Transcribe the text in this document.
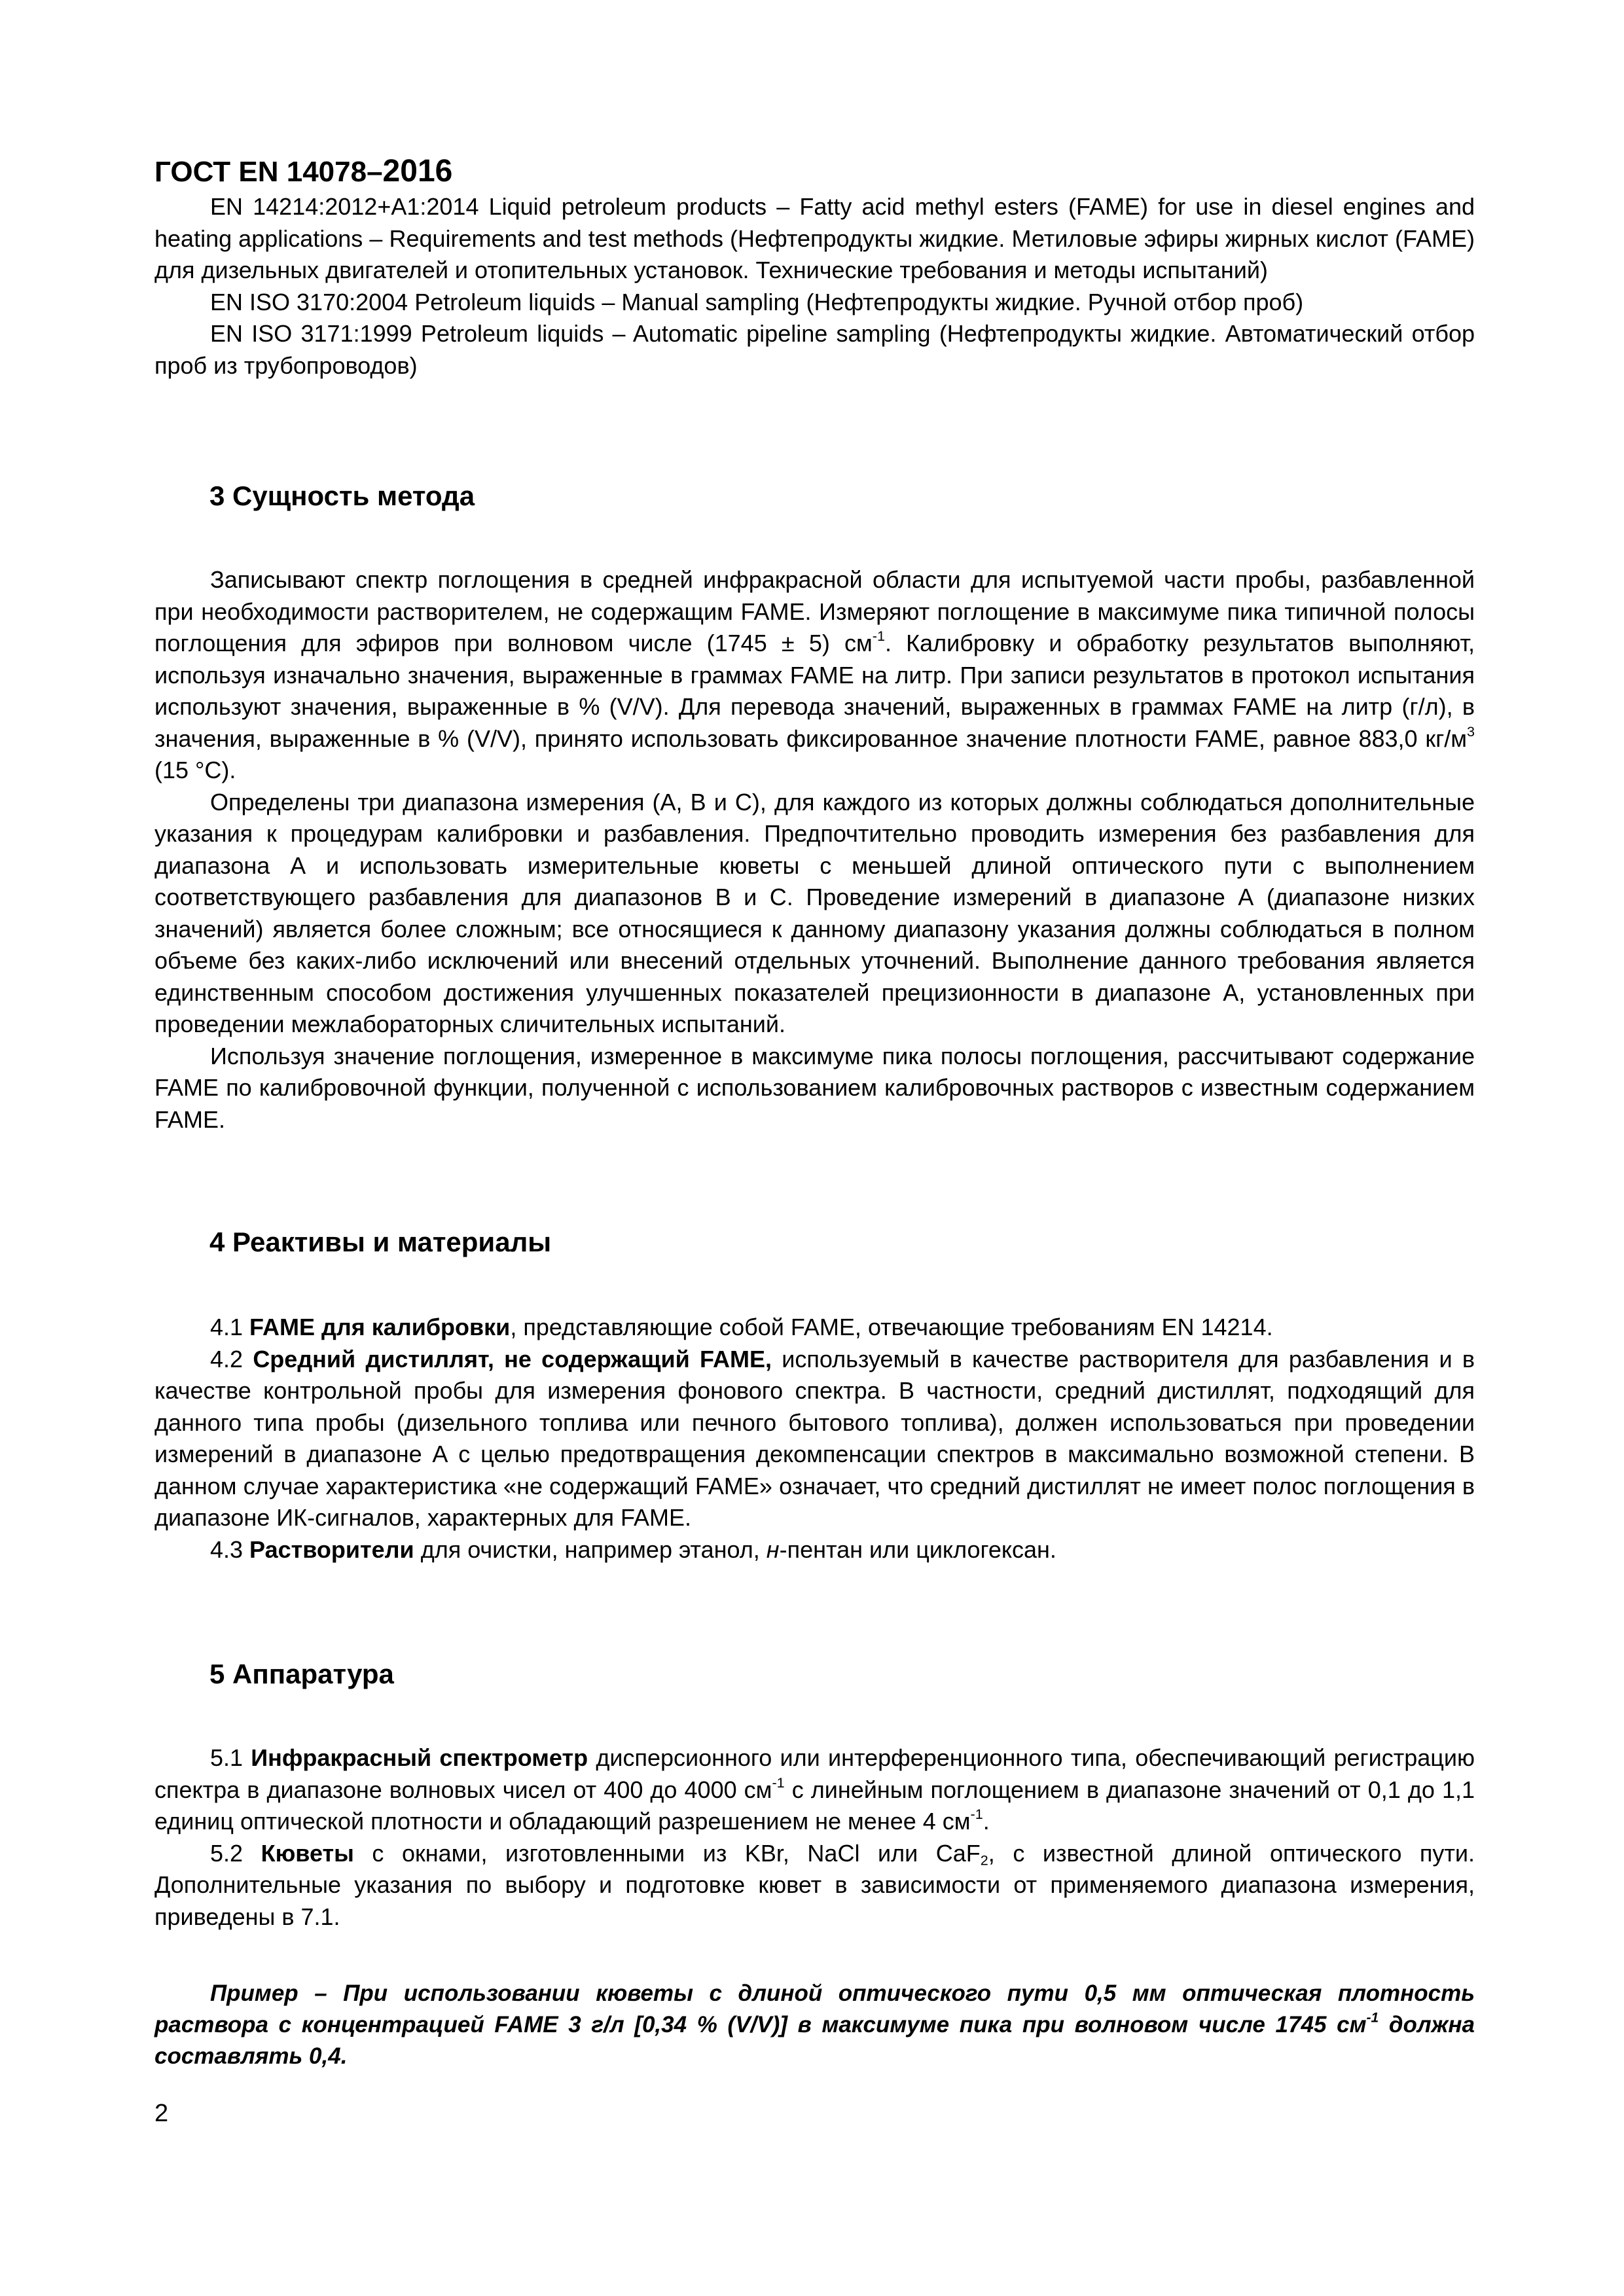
ГОСТ EN 14078–2016

EN 14214:2012+A1:2014 Liquid petroleum products – Fatty acid methyl esters (FAME) for use in diesel engines and heating applications – Requirements and test methods (Нефтепродукты жидкие. Метиловые эфиры жирных кислот (FAME) для дизельных двигателей и отопительных установок. Технические требования и методы испытаний)

EN ISO 3170:2004 Petroleum liquids – Manual sampling (Нефтепродукты жидкие. Ручной отбор проб)

EN ISO 3171:1999 Petroleum liquids – Automatic pipeline sampling (Нефтепродукты жидкие. Автоматический отбор проб из трубопроводов)

3 Сущность метода

Записывают спектр поглощения в средней инфракрасной области для испытуемой части пробы, разбавленной при необходимости растворителем, не содержащим FAME. Измеряют поглощение в максимуме пика типичной полосы поглощения для эфиров при волновом числе (1745 ± 5) $см^{-1}$. Калибровку и обработку результатов выполняют, используя изначально значения, выраженные в граммах FAME на литр. При записи результатов в протокол испытания используют значения, выраженные в % (V/V). Для перевода значений, выраженных в граммах FAME на литр (г/л), в значения, выраженные в % (V/V), принято использовать фиксированное значение плотности FAME, равное 883,0 $кг/м^3$ (15 °C).

Определены три диапазона измерения (А, В и С), для каждого из которых должны соблюдаться дополнительные указания к процедурам калибровки и разбавления. Предпочтительно проводить измерения без разбавления для диапазона А и использовать измерительные кюветы с меньшей длиной оптического пути с выполнением соответствующего разбавления для диапазонов В и С. Проведение измерений в диапазоне А (диапазоне низких значений) является более сложным; все относящиеся к данному диапазону указания должны соблюдаться в полном объеме без каких-либо исключений или внесений отдельных уточнений. Выполнение данного требования является единственным способом достижения улучшенных показателей прецизионности в диапазоне А, установленных при проведении межлабораторных сличительных испытаний.

Используя значение поглощения, измеренное в максимуме пика полосы поглощения, рассчитывают содержание FAME по калибровочной функции, полученной с использованием калибровочных растворов с известным содержанием FAME.

4 Реактивы и материалы

4.1 FAME для калибровки, представляющие собой FAME, отвечающие требованиям EN 14214.

4.2 Средний дистиллят, не содержащий FAME, используемый в качестве растворителя для разбавления и в качестве контрольной пробы для измерения фонового спектра. В частности, средний дистиллят, подходящий для данного типа пробы (дизельного топлива или печного бытового топлива), должен использоваться при проведении измерений в диапазоне А с целью предотвращения декомпенсации спектров в максимально возможной степени. В данном случае характеристика «не содержащий FAME» означает, что средний дистиллят не имеет полос поглощения в диапазоне ИК-сигналов, характерных для FAME.

4.3 Растворители для очистки, например этанол, н-пентан или циклогексан.

5 Аппаратура

5.1 Инфракрасный спектрометр дисперсионного или интерференционного типа, обеспечивающий регистрацию спектра в диапазоне волновых чисел от 400 до 4000 $см^{-1}$ с линейным поглощением в диапазоне значений от 0,1 до 1,1 единиц оптической плотности и обладающий разрешением не менее 4 $см^{-1}$.

5.2 Кюветы с окнами, изготовленными из KBr, NaCl или CaF$_2$, с известной длиной оптического пути. Дополнительные указания по выбору и подготовке кювет в зависимости от применяемого диапазона измерения, приведены в 7.1.

Пример – При использовании кюветы с длиной оптического пути 0,5 мм оптическая плотность раствора с концентрацией FAME 3 г/л [0,34 % (V/V)] в максимуме пика при волновом числе 1745 $см^{-1}$ должна составлять 0,4.

2
